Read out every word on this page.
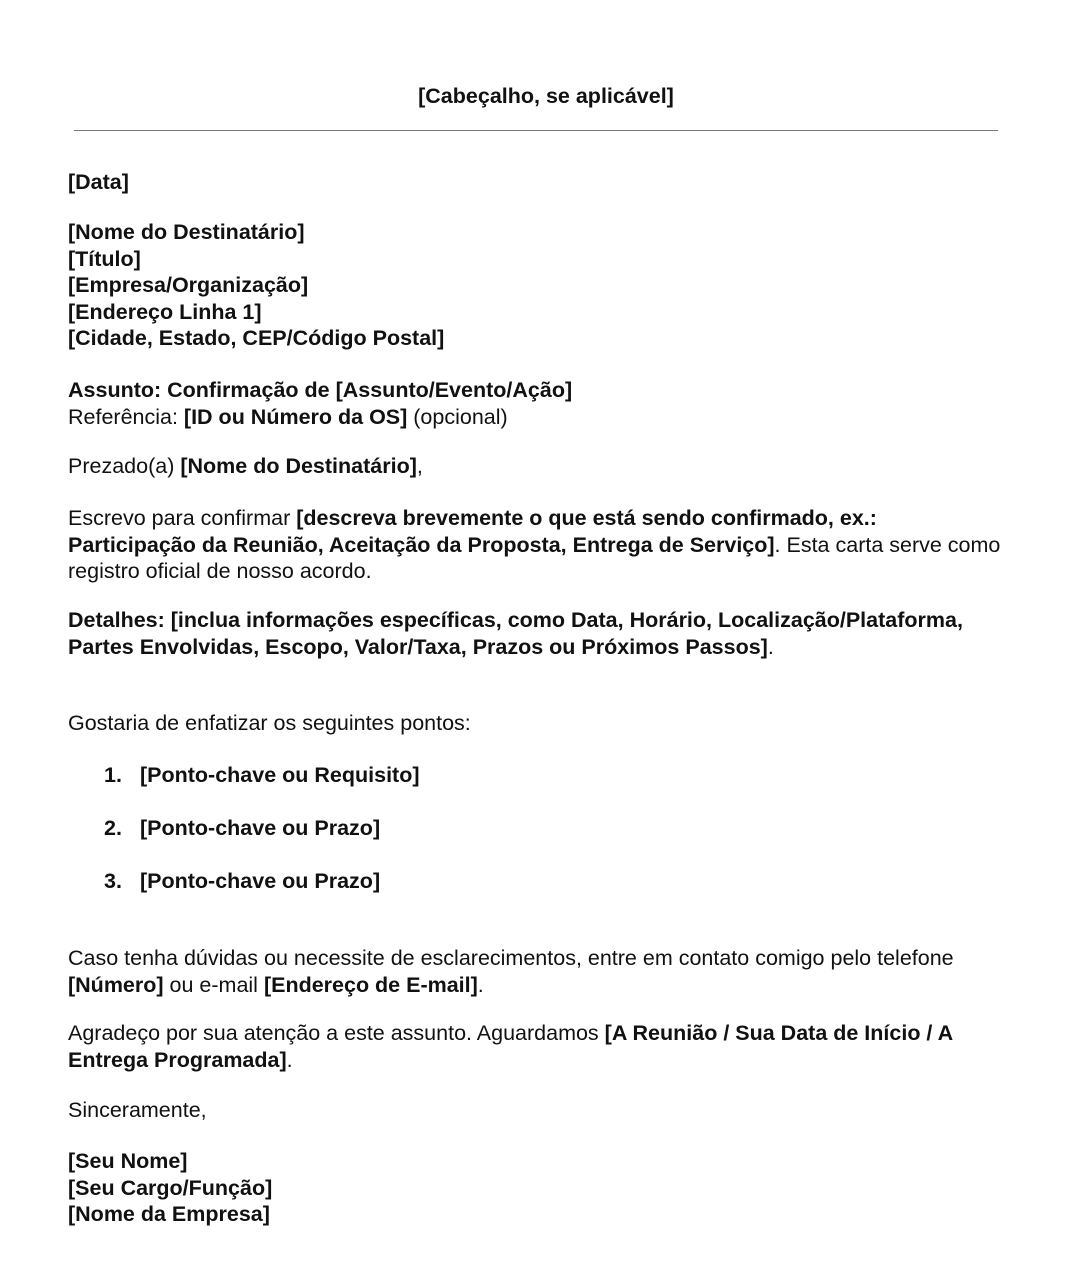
[Cabeçalho, se aplicável]

[Data]

[Nome do Destinatário]
[Título]
[Empresa/Organização]
[Endereço Linha 1]
[Cidade, Estado, CEP/Código Postal]

Assunto: Confirmação de [Assunto/Evento/Ação]
Referência: [ID ou Número da OS] (opcional)

Prezado(a) [Nome do Destinatário],

Escrevo para confirmar [descreva brevemente o que está sendo confirmado, ex.: Participação da Reunião, Aceitação da Proposta, Entrega de Serviço]. Esta carta serve como registro oficial de nosso acordo.

Detalhes: [inclua informações específicas, como Data, Horário, Localização/Plataforma, Partes Envolvidas, Escopo, Valor/Taxa, Prazos ou Próximos Passos].

Gostaria de enfatizar os seguintes pontos:

1. [Ponto-chave ou Requisito]
2. [Ponto-chave ou Prazo]
3. [Ponto-chave ou Prazo]

Caso tenha dúvidas ou necessite de esclarecimentos, entre em contato comigo pelo telefone [Número] ou e-mail [Endereço de E-mail].

Agradeço por sua atenção a este assunto. Aguardamos [A Reunião / Sua Data de Início / A Entrega Programada].

Sinceramente,

[Seu Nome]
[Seu Cargo/Função]
[Nome da Empresa]
